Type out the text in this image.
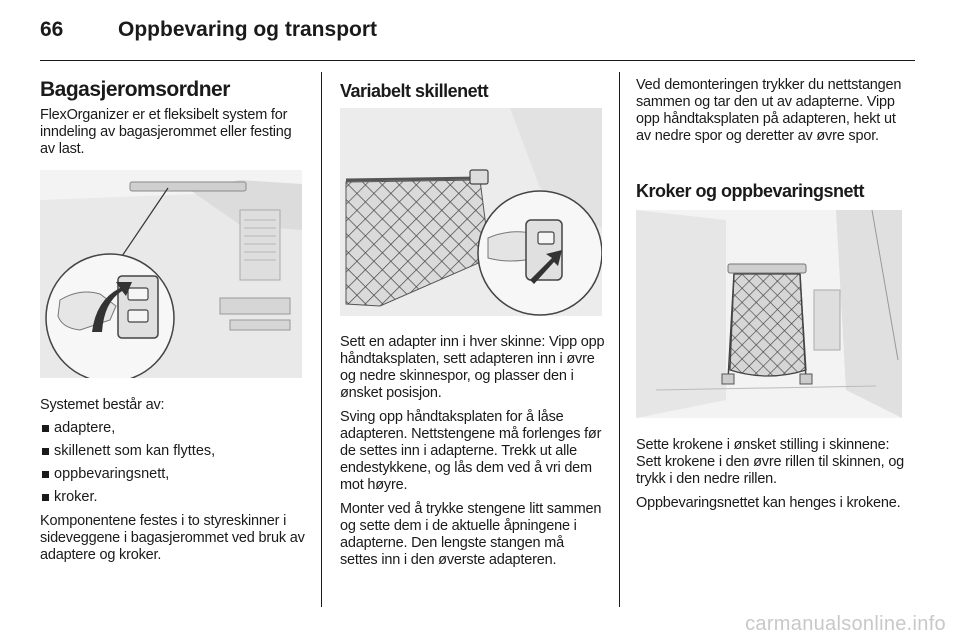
66	Oppbevaring og transport
Bagasjeromsordner

FlexOrganizer er et fleksibelt system for inndeling av bagasjerommet eller festing av last.

Systemet består av:

adaptere,
skillenett som kan flyttes,
oppbevaringsnett,
kroker.

Komponentene festes i to styreskinner i sideveggene i bagasjerommet ved bruk av adaptere og kroker.

Variabelt skillenett

Sett en adapter inn i hver skinne: Vipp opp håndtaksplaten, sett adapteren inn i øvre og nedre skinnespor, og plasser den i ønsket posisjon.

Sving opp håndtaksplaten for å låse adapteren. Nettstengene må forlenges før de settes inn i adapterne. Trekk ut alle endestykkene, og lås dem ved å vri dem mot høyre.

Monter ved å trykke stengene litt sammen og sette dem i de aktuelle åpningene i adapterne. Den lengste stangen må settes inn i den øverste adapteren.

Ved demonteringen trykker du nettstangen sammen og tar den ut av adapterne. Vipp opp håndtaksplaten på adapteren, hekt ut av nedre spor og deretter av øvre spor.

Kroker og oppbevaringsnett

Sette krokene i ønsket stilling i skinnene: Sett krokene i den øvre rillen til skinnen, og trykk i den nedre rillen.

Oppbevaringsnettet kan henges i krokene.

carmanualsonline.info
